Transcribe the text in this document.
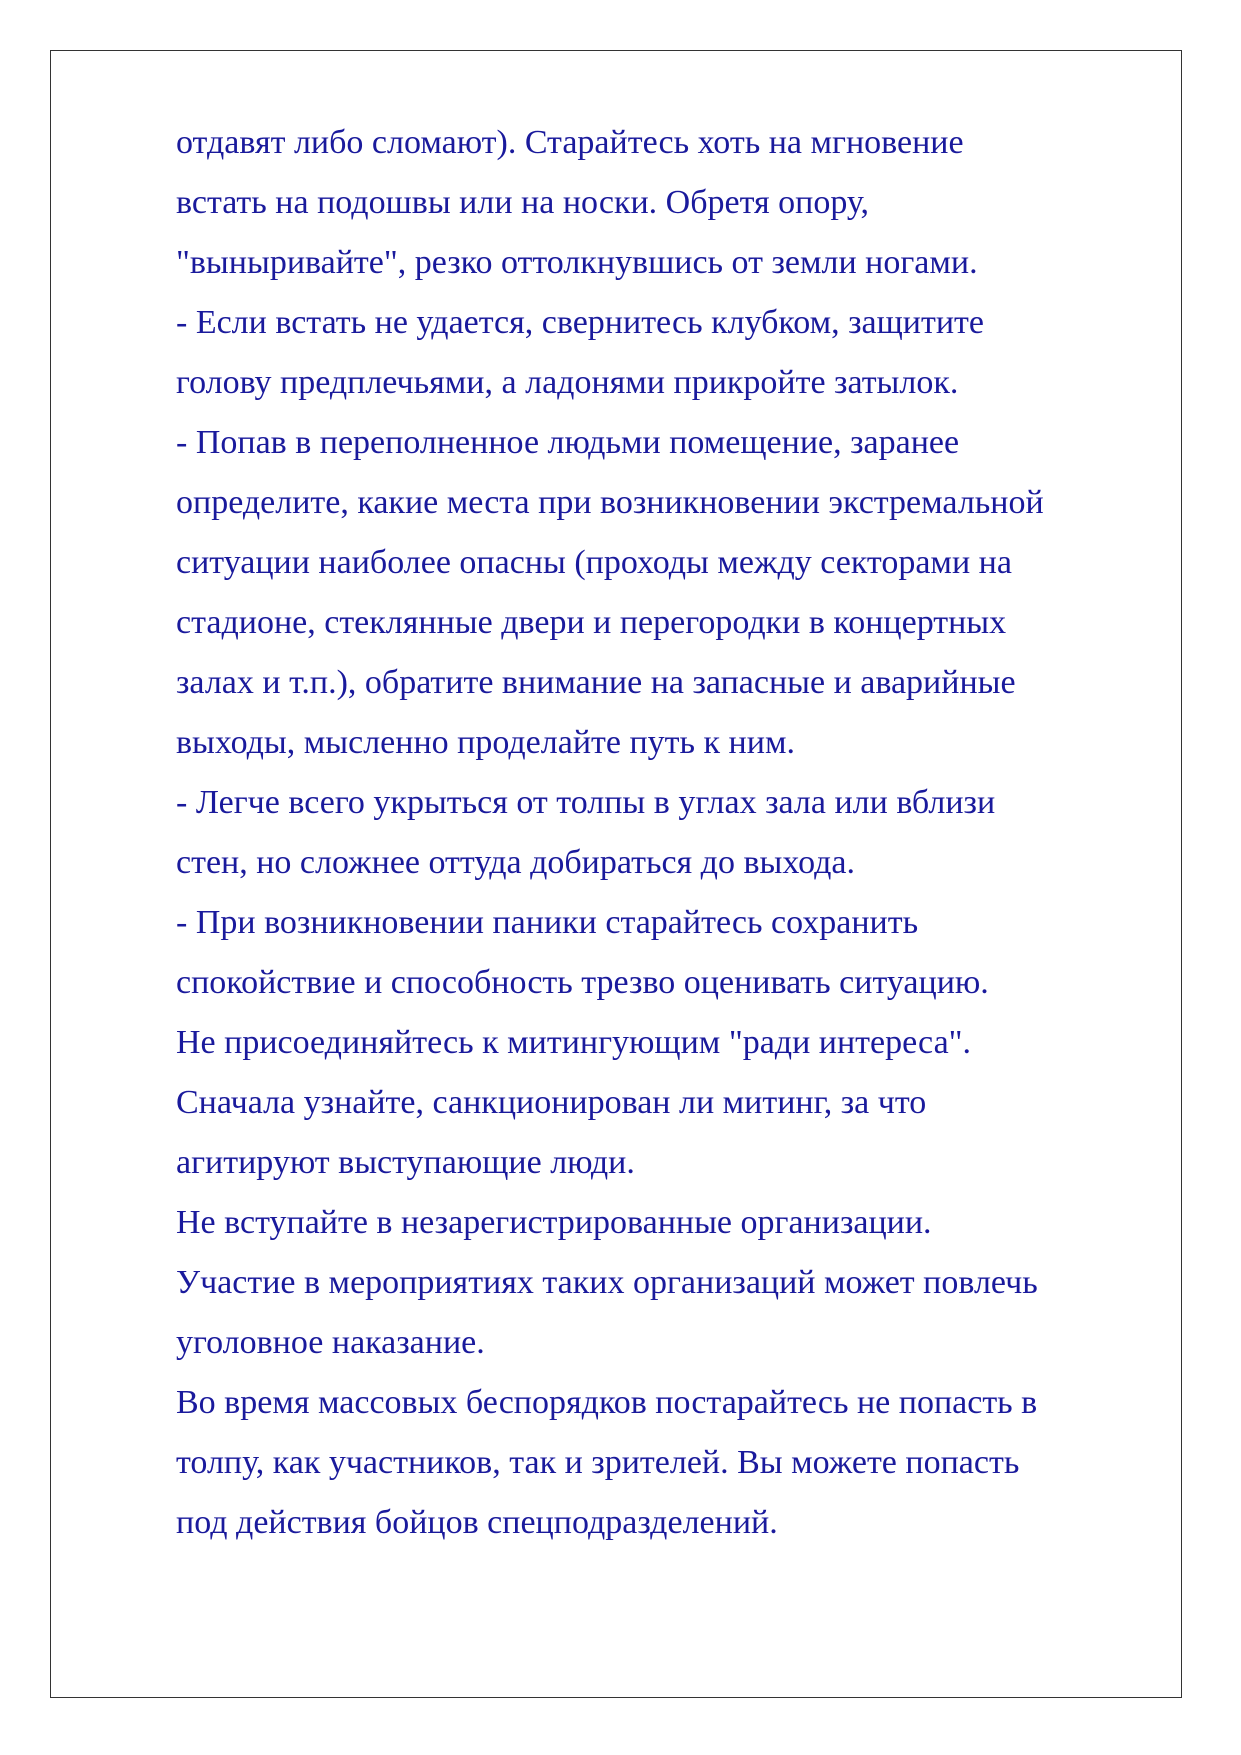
отдавят либо сломают). Старайтесь хоть на мгновение
встать на подошвы или на носки. Обретя опору,
"выныривайте", резко оттолкнувшись от земли ногами.
- Если встать не удается, свернитесь клубком, защитите
голову предплечьями, а ладонями прикройте затылок.
- Попав в переполненное людьми помещение, заранее
определите, какие места при возникновении экстремальной
ситуации наиболее опасны (проходы между секторами на
стадионе, стеклянные двери и перегородки в концертных
залах и т.п.), обратите внимание на запасные и аварийные
выходы, мысленно проделайте путь к ним.
- Легче всего укрыться от толпы в углах зала или вблизи
стен, но сложнее оттуда добираться до выхода.
- При возникновении паники старайтесь сохранить
спокойствие и способность трезво оценивать ситуацию.
Не присоединяйтесь к митингующим "ради интереса".
Сначала узнайте, санкционирован ли митинг, за что
агитируют выступающие люди.
Не вступайте в незарегистрированные организации.
Участие в мероприятиях таких организаций может повлечь
уголовное наказание.
Во время массовых беспорядков постарайтесь не попасть в
толпу, как участников, так и зрителей. Вы можете попасть
под действия бойцов спецподразделений.
